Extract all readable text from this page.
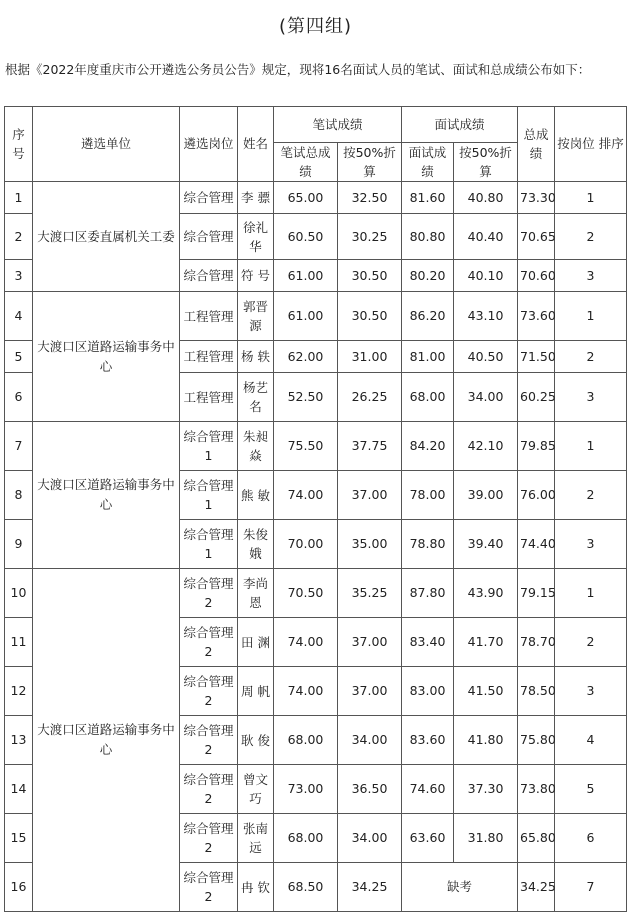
(第四组)
根据《2022年度重庆市公开遴选公务员公告》规定，现将16名面试人员的笔试、面试和总成绩公布如下：
序号	遴选单位	遴选岗位	姓名	笔试成绩		面试成绩		总成绩	按岗位 排序
				笔试总成绩	按50%折算	面试成绩	按50%折算		
1	大渡口区委直属机关工委	综合管理	李 骠	65.00	32.50	81.60	40.80	73.30	1
2		综合管理	徐礼华	60.50	30.25	80.80	40.40	70.65	2
3		综合管理	符 号	61.00	30.50	80.20	40.10	70.60	3
4	大渡口区道路运输事务中心	工程管理	郭晋源	61.00	30.50	86.20	43.10	73.60	1
5		工程管理	杨 轶	62.00	31.00	81.00	40.50	71.50	2
6		工程管理	杨艺名	52.50	26.25	68.00	34.00	60.25	3
7	大渡口区道路运输事务中心	综合管理1	朱昶焱	75.50	37.75	84.20	42.10	79.85	1
8		综合管理1	熊 敏	74.00	37.00	78.00	39.00	76.00	2
9		综合管理1	朱俊娥	70.00	35.00	78.80	39.40	74.40	3
10	大渡口区道路运输事务中心	综合管理2	李尚恩	70.50	35.25	87.80	43.90	79.15	1
11		综合管理2	田 渊	74.00	37.00	83.40	41.70	78.70	2
12		综合管理2	周 帆	74.00	37.00	83.00	41.50	78.50	3
13		综合管理2	耿 俊	68.00	34.00	83.60	41.80	75.80	4
14		综合管理2	曾文巧	73.00	36.50	74.60	37.30	73.80	5
15		综合管理2	张南远	68.00	34.00	63.60	31.80	65.80	6
16		综合管理2	冉 钦	68.50	34.25	缺考		34.25	7
